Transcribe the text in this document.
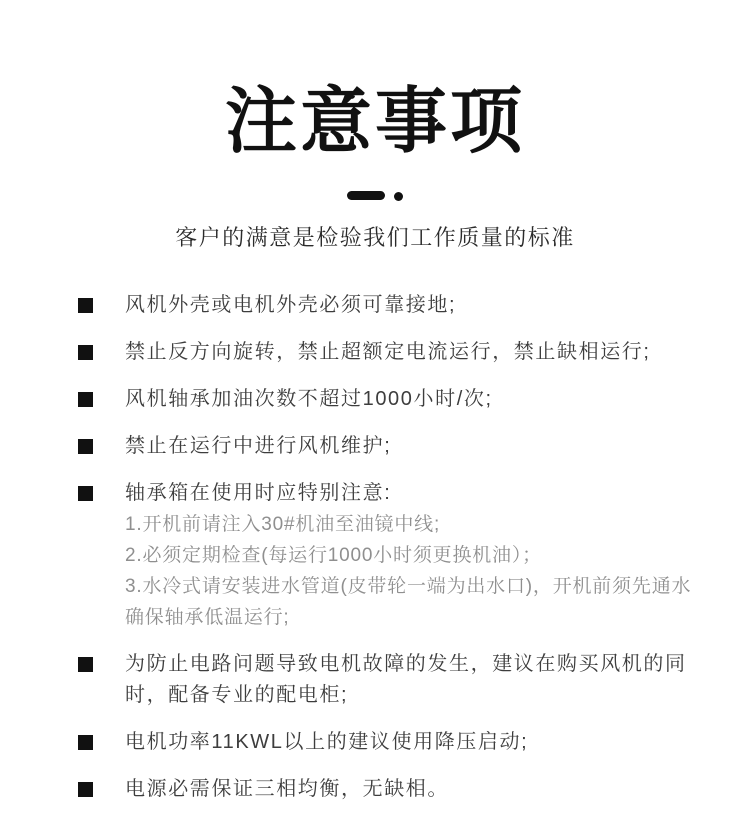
注意事项

客户的满意是检验我们工作质量的标准

风机外壳或电机外壳必须可靠接地;

禁止反方向旋转，禁止超额定电流运行，禁止缺相运行;

风机轴承加油次数不超过1000小时/次;

禁止在运行中进行风机维护;

轴承箱在使用时应特别注意:

1.开机前请注入30#机油至油镜中线;

2.必须定期检查(每运行1000小时须更换机油）；

3.水冷式请安装进水管道(皮带轮一端为出水口)，开机前须先通水确保轴承低温运行;

为防止电路问题导致电机故障的发生，建议在购买风机的同时，配备专业的配电柜;

电机功率11KWL以上的建议使用降压启动;

电源必需保证三相均衡，无缺相。
